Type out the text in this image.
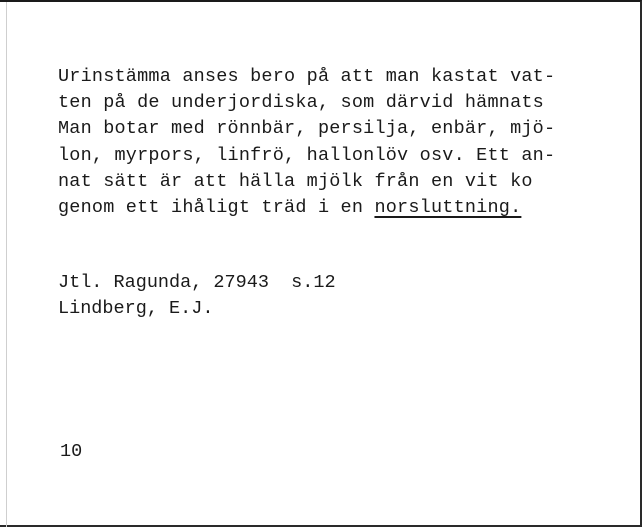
Urinstämma anses bero på att man kastat vat-
ten på de underjordiska, som därvid hämnats
Man botar med rönnbär, persilja, enbär, mjö-
lon, myrpors, linfrö, hallonlöv osv. Ett an-
nat sätt är att hälla mjölk från en vit ko
genom ett ihåligt träd i en norsluttning.
Jtl. Ragunda, 27943  s.12
Lindberg, E.J.
10
